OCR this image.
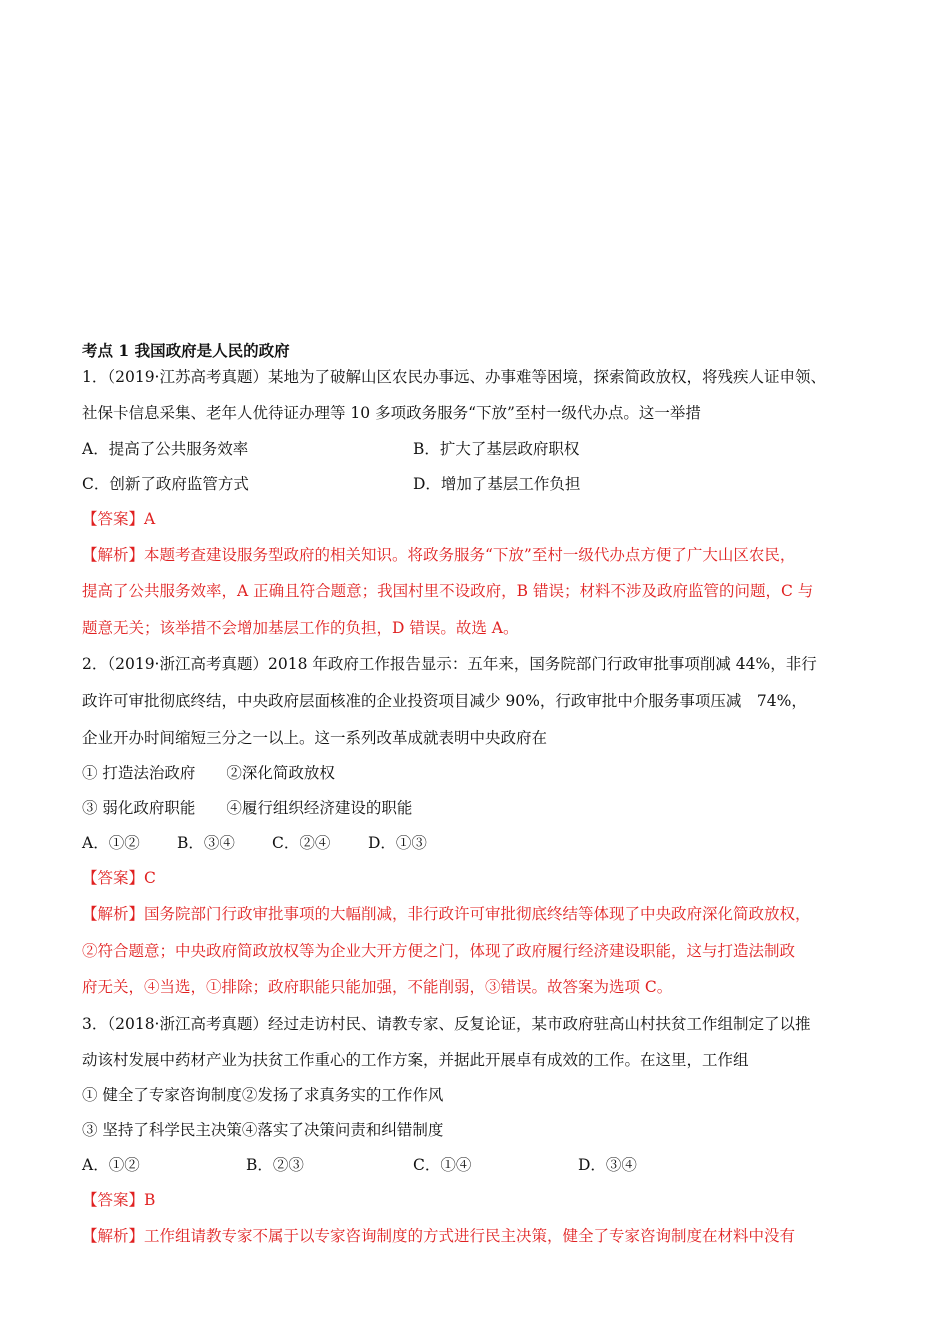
考点 1 我国政府是人民的政府
1．（2019·江苏高考真题）某地为了破解山区农民办事远、办事难等困境，探索简政放权，将残疾人证申领、
社保卡信息采集、老年人优待证办理等 10 多项政务服务“下放”至村一级代办点。这一举措
A．提高了公共服务效率	B．扩大了基层政府职权
C．创新了政府监管方式	D．增加了基层工作负担
【答案】A
【解析】本题考查建设服务型政府的相关知识。将政务服务“下放”至村一级代办点方便了广大山区农民，
提高了公共服务效率，A 正确且符合题意；我国村里不设政府，B 错误；材料不涉及政府监管的问题，C 与
题意无关；该举措不会增加基层工作的负担，D 错误。故选 A。
2．（2019·浙江高考真题）2018 年政府工作报告显示：五年来，国务院部门行政审批事项削减 44%，非行
政许可审批彻底终结，中央政府层面核准的企业投资项目减少 90%，行政审批中介服务事项压减　74%，
企业开办时间缩短三分之一以上。这一系列改革成就表明中央政府在
① 打造法治政府　　②深化简政放权
③ 弱化政府职能　　④履行组织经济建设的职能
A．①② B．③④ C．②④ D．①③
【答案】C
【解析】国务院部门行政审批事项的大幅削减，非行政许可审批彻底终结等体现了中央政府深化简政放权，
②符合题意；中央政府简政放权等为企业大开方便之门，体现了政府履行经济建设职能，这与打造法制政
府无关，④当选，①排除；政府职能只能加强，不能削弱，③错误。故答案为选项 C。
3．（2018·浙江高考真题）经过走访村民、请教专家、反复论证，某市政府驻高山村扶贫工作组制定了以推
动该村发展中药材产业为扶贫工作重心的工作方案，并据此开展卓有成效的工作。在这里，工作组
① 健全了专家咨询制度②发扬了求真务实的工作作风
③ 坚持了科学民主决策④落实了决策问责和纠错制度
A．①②	B．②③	C．①④	D．③④
【答案】B
【解析】工作组请教专家不属于以专家咨询制度的方式进行民主决策，健全了专家咨询制度在材料中没有
